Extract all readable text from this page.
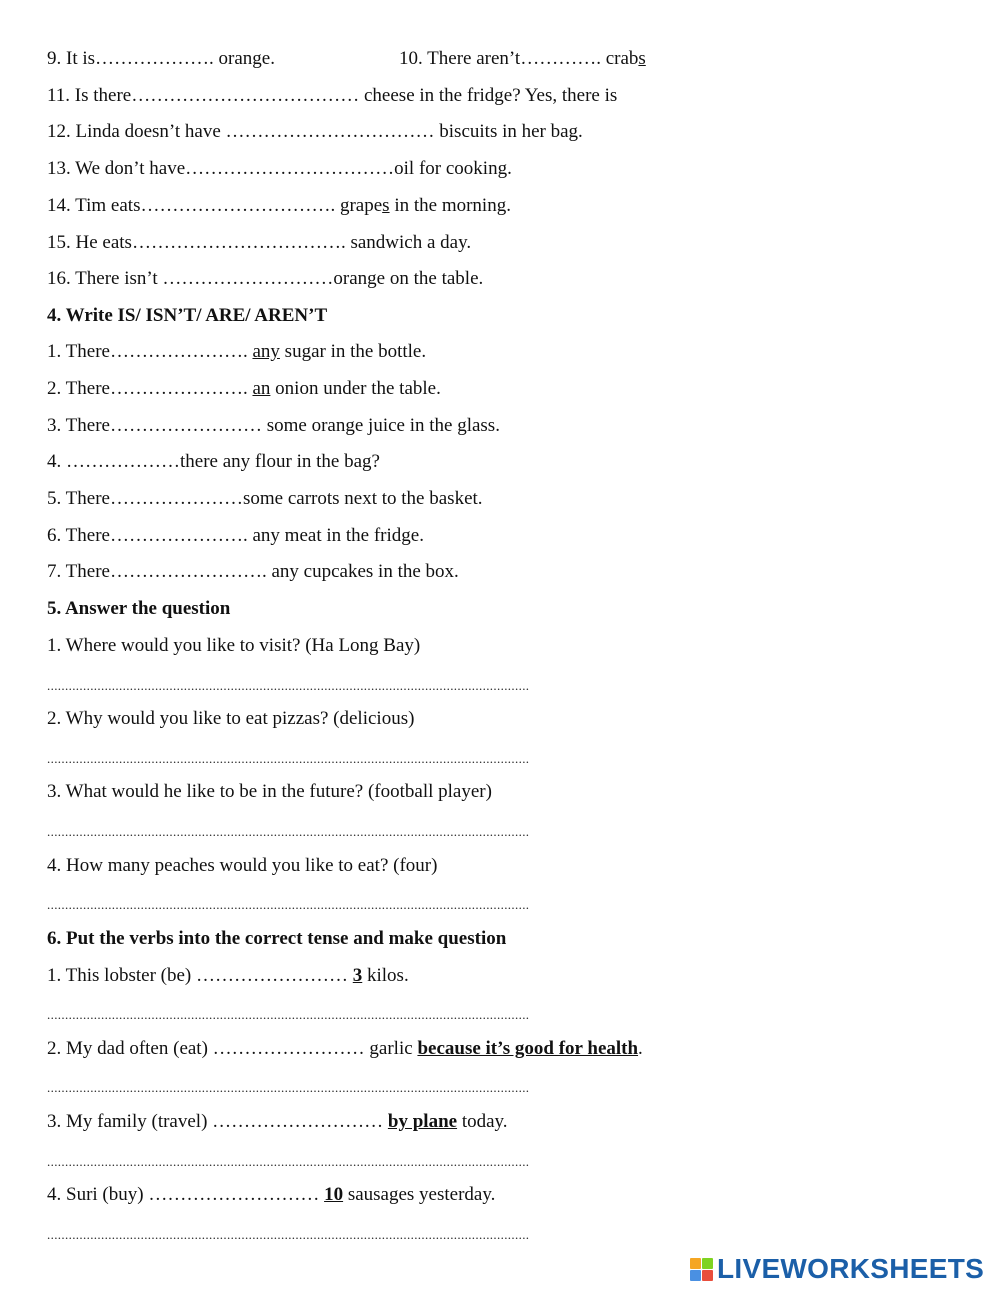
9. It is………………. orange.	10. There aren’t…………. crabs
11. Is there……………………………… cheese in the fridge? Yes, there is
12. Linda doesn’t have …………………………… biscuits in her bag.
13. We don’t have……………………………oil for cooking.
14. Tim eats…………………………. grapes in the morning.
15. He eats……………………………. sandwich a day.
16. There isn’t ………………………orange on the table.
4. Write IS/ ISN’T/ ARE/ AREN’T
1. There…………………. any sugar in the bottle.
2. There…………………. an onion under the table.
3. There…………………… some orange juice in the glass.
4. ………………there any flour in the bag?
5. There…………………some carrots next to the basket.
6. There…………………. any meat in the fridge.
7. There……………………. any cupcakes in the box.
5. Answer the question
1. Where would you like to visit? (Ha Long Bay)
......................................................................................................................................
2. Why would you like to eat pizzas? (delicious)
......................................................................................................................................
3. What would he like to be in the future? (football player)
......................................................................................................................................
4. How many peaches would you like to eat? (four)
......................................................................................................................................
6. Put the verbs into the correct tense and make question
1. This lobster (be) …………………… 3 kilos.
......................................................................................................................................
2. My dad often (eat) …………………… garlic because it’s good for health.
......................................................................................................................................
3. My family (travel) ……………………… by plane today.
......................................................................................................................................
4. Suri (buy) ……………………… 10 sausages yesterday.
......................................................................................................................................
LIVEWORKSHEETS
